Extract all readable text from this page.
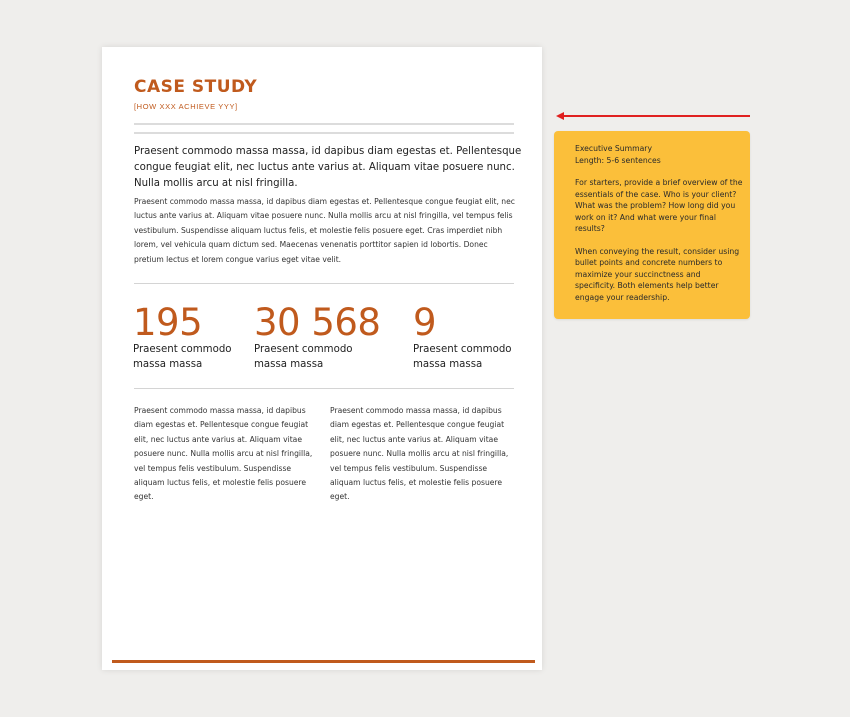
CASE STUDY
[HOW XXX ACHIEVE YYY]
Praesent commodo massa massa, id dapibus diam egestas et. Pellentesque congue feugiat elit, nec luctus ante varius at. Aliquam vitae posuere nunc. Nulla mollis arcu at nisl fringilla.
Praesent commodo massa massa, id dapibus diam egestas et. Pellentesque congue feugiat elit, nec luctus ante varius at. Aliquam vitae posuere nunc. Nulla mollis arcu at nisl fringilla, vel tempus felis vestibulum. Suspendisse aliquam luctus felis, et molestie felis posuere eget. Cras imperdiet nibh lorem, vel vehicula quam dictum sed. Maecenas venenatis porttitor sapien id lobortis. Donec pretium lectus et lorem congue varius eget vitae velit.
195
Praesent commodo massa massa
30 568
Praesent commodo massa massa
9
Praesent commodo massa massa
Praesent commodo massa massa, id dapibus diam egestas et. Pellentesque congue feugiat elit, nec luctus ante varius at. Aliquam vitae posuere nunc. Nulla mollis arcu at nisl fringilla, vel tempus felis vestibulum. Suspendisse aliquam luctus felis, et molestie felis posuere eget.
Praesent commodo massa massa, id dapibus diam egestas et. Pellentesque congue feugiat elit, nec luctus ante varius at. Aliquam vitae posuere nunc. Nulla mollis arcu at nisl fringilla, vel tempus felis vestibulum. Suspendisse aliquam luctus felis, et molestie felis posuere eget.

Executive Summary
Length: 5-6 sentences

For starters, provide a brief overview of the essentials of the case. Who is your client? What was the problem? How long did you work on it? And what were your final results?

When conveying the result, consider using bullet points and concrete numbers to maximize your succinctness and specificity. Both elements help better engage your readership.
